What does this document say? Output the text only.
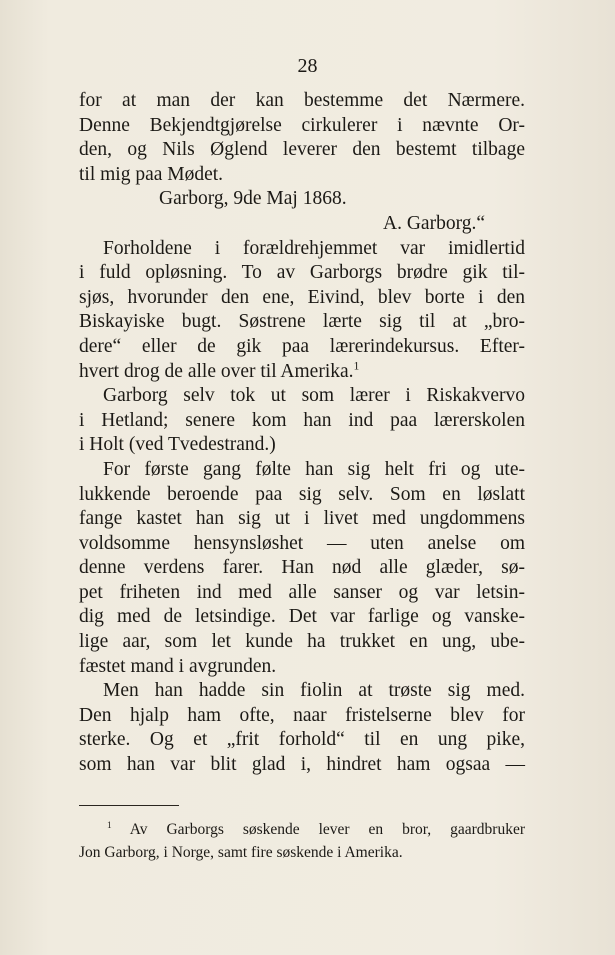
28
for at man der kan bestemme det Nærmere.
Denne Bekjendtgjørelse cirkulerer i nævnte Or-
den, og Nils Øglend leverer den bestemt tilbage
til mig paa Mødet.
Garborg, 9de Maj 1868.
A. Garborg.“
Forholdene i forældrehjemmet var imidlertid
i fuld opløsning. To av Garborgs brødre gik til-
sjøs, hvorunder den ene, Eivind, blev borte i den
Biskayiske bugt. Søstrene lærte sig til at „bro-
dere“ eller de gik paa lærerindekursus. Efter-
hvert drog de alle over til Amerika.$^1$
Garborg selv tok ut som lærer i Riskakvervo
i Hetland; senere kom han ind paa lærerskolen
i Holt (ved Tvedestrand.)
For første gang følte han sig helt fri og ute-
lukkende beroende paa sig selv. Som en løslatt
fange kastet han sig ut i livet med ungdommens
voldsomme hensynsløshet — uten anelse om
denne verdens farer. Han nød alle glæder, sø-
pet friheten ind med alle sanser og var letsin-
dig med de letsindige. Det var farlige og vanske-
lige aar, som let kunde ha trukket en ung, ube-
fæstet mand i avgrunden.
Men han hadde sin fiolin at trøste sig med.
Den hjalp ham ofte, naar fristelserne blev for
sterke. Og et „frit forhold“ til en ung pike,
som han var blit glad i, hindret ham ogsaa —
$^1$ Av Garborgs søskende lever en bror, gaardbruker
Jon Garborg, i Norge, samt fire søskende i Amerika.
